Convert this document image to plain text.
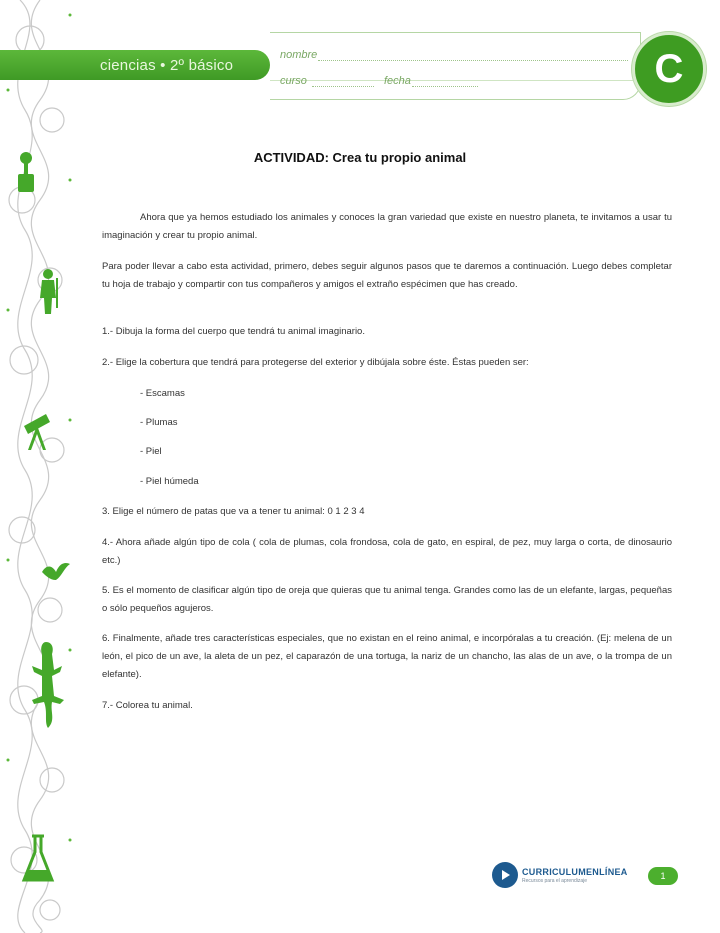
ciencias • 2º básico
nombre
curso	fecha	C
ACTIVIDAD: Crea tu propio animal
Ahora que ya hemos estudiado los animales y conoces la gran variedad que existe en nuestro planeta, te invitamos a usar tu imaginación y crear tu propio animal.
Para poder llevar a cabo esta actividad, primero, debes seguir algunos pasos que te daremos a continuación. Luego debes completar tu hoja de trabajo y compartir con tus compañeros y amigos el extraño espécimen que has creado.
1.- Dibuja la forma del cuerpo que tendrá tu animal imaginario.
2.- Elige la cobertura que tendrá para protegerse del exterior y dibújala sobre éste. Éstas pueden ser:
- Escamas
- Plumas
- Piel
- Piel húmeda
3. Elige el número de patas que va a tener tu animal: 0 1 2 3 4
4.- Ahora añade algún tipo de cola ( cola de plumas, cola frondosa, cola de gato, en espiral, de pez, muy larga o corta, de dinosaurio etc.)
5. Es el momento de clasificar algún tipo de oreja que quieras que tu animal tenga. Grandes como las de un elefante, largas, pequeñas o sólo pequeños agujeros.
6. Finalmente, añade tres características especiales, que no existan en el reino animal, e incorpóralas a tu creación. (Ej: melena de un león, el pico de un ave, la aleta de un pez, el caparazón de una tortuga, la nariz de un chancho, las alas de un ave, o la trompa de un elefante).
7.- Colorea tu animal.
CURRICULUMENLÍNEA
Recursos para el aprendizaje	1
